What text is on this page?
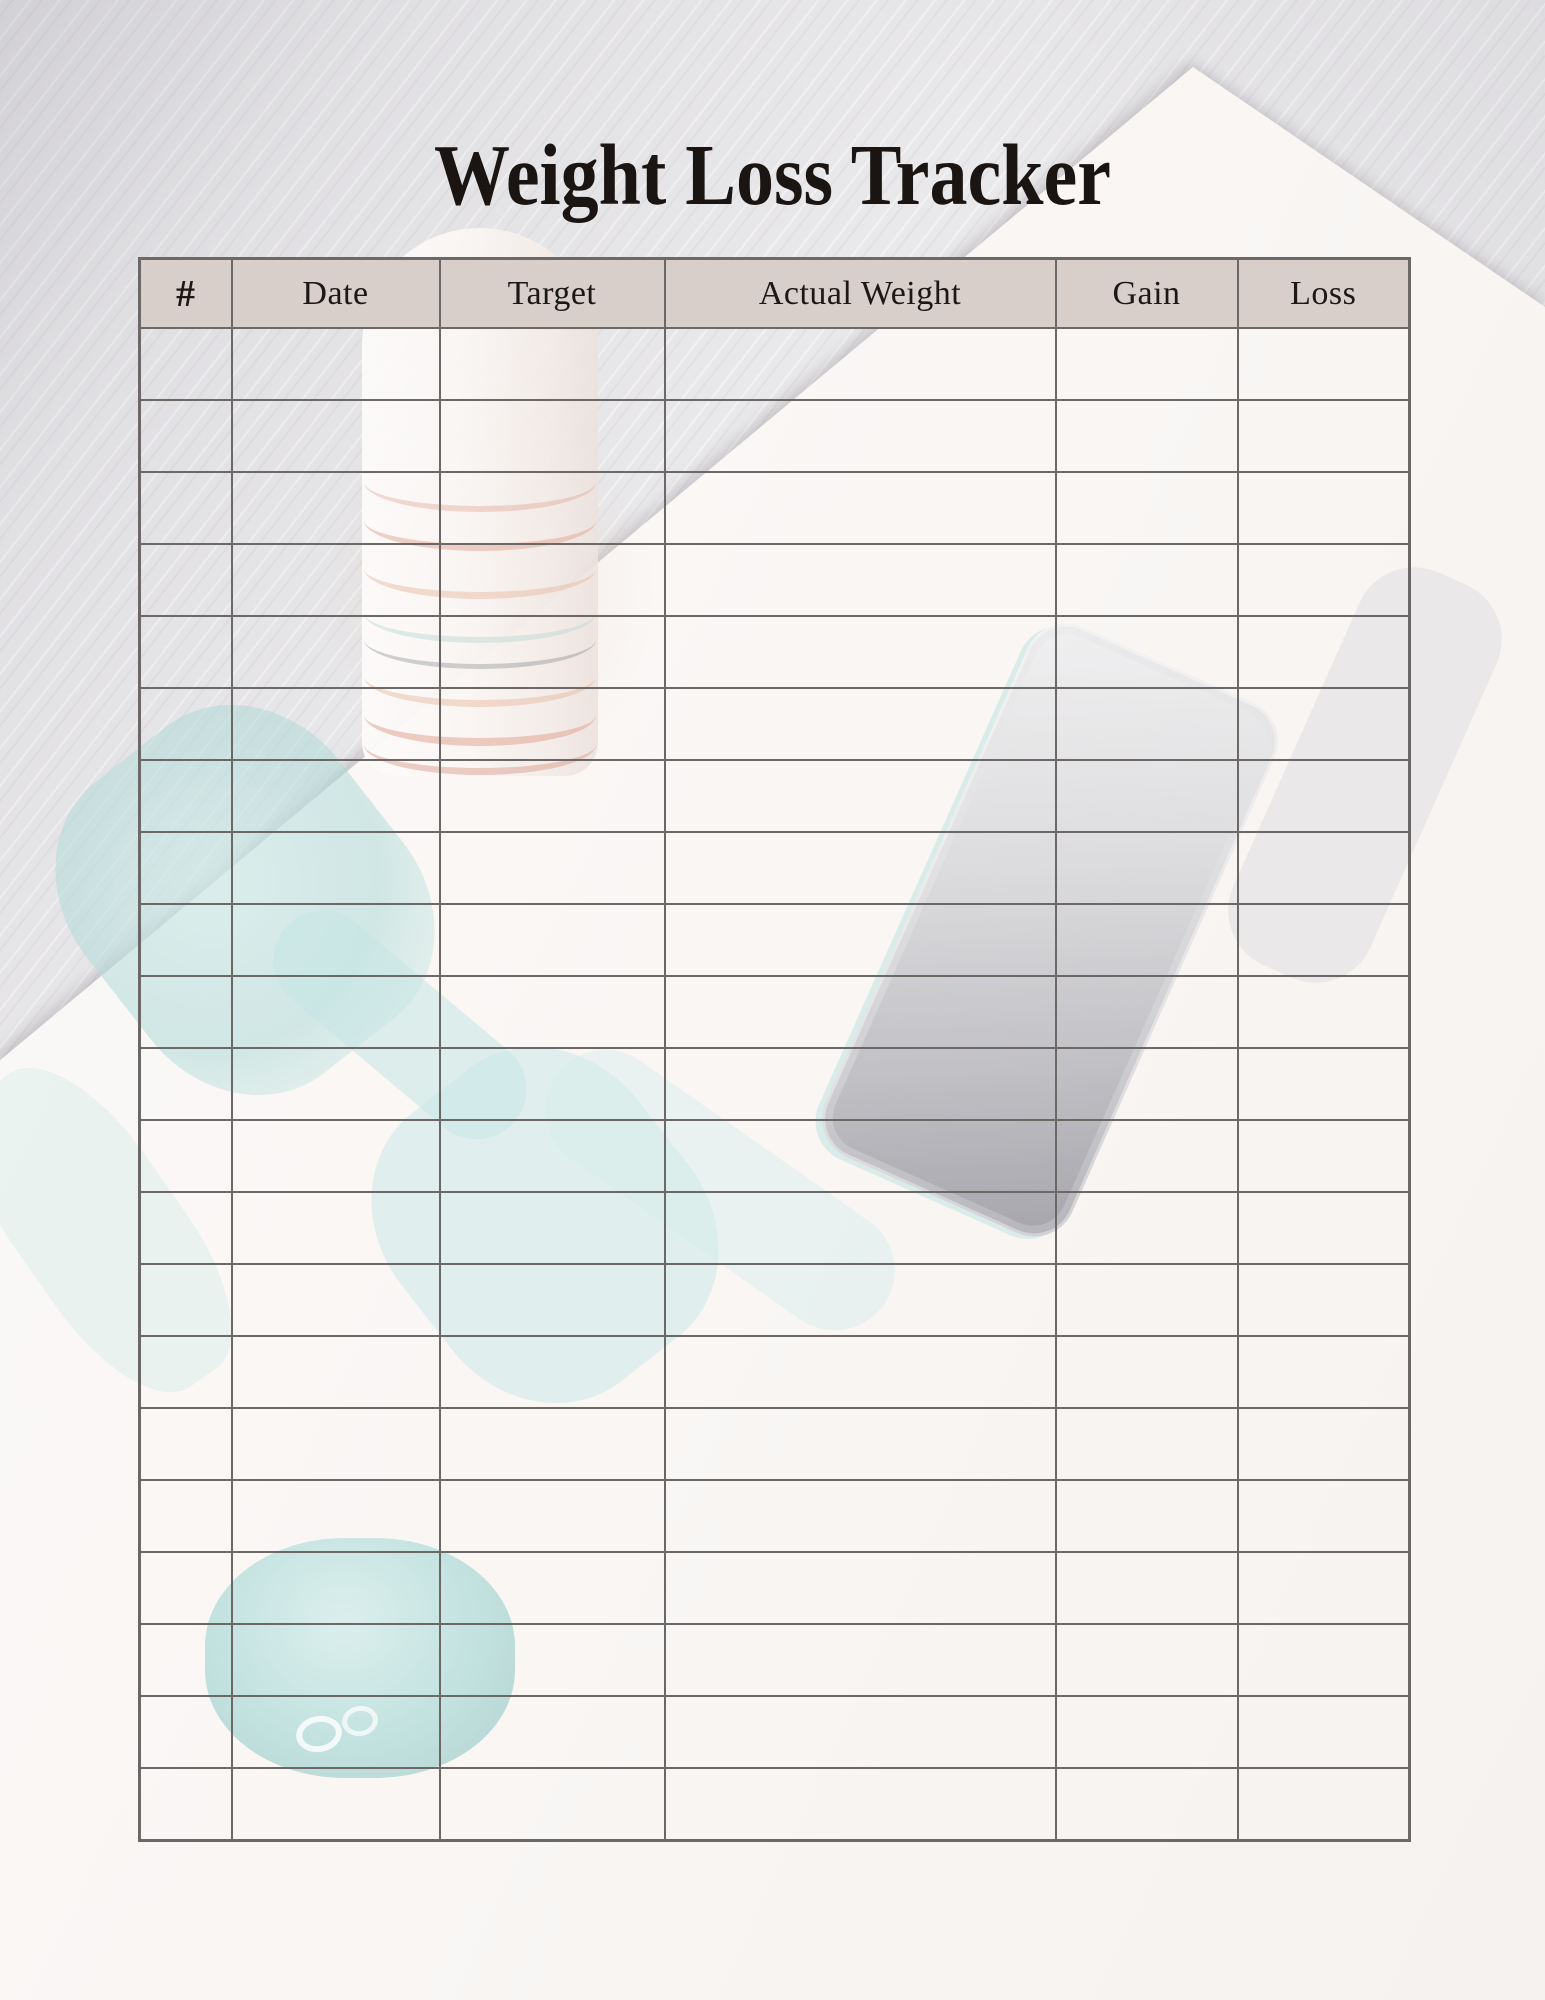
Weight Loss Tracker
#	Date	Target	Actual Weight	Gain	Loss
